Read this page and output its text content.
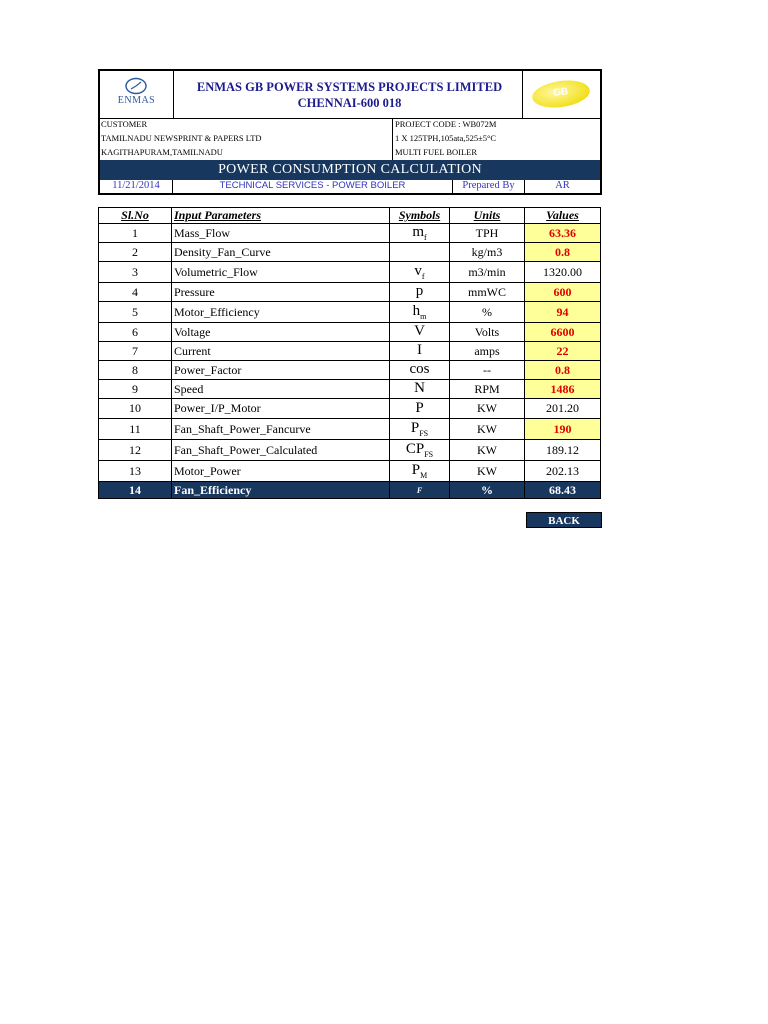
ENMAS
ENMAS GB POWER SYSTEMS PROJECTS LIMITED
CHENNAI-600 018
GB
CUSTOMER
TAMILNADU NEWSPRINT & PAPERS LTD
KAGITHAPURAM,TAMILNADU
PROJECT CODE : WB072M
1 X 125TPH,105ata,525±5°C
MULTI FUEL BOILER
POWER CONSUMPTION CALCULATION
11/21/2014	TECHNICAL SERVICES - POWER BOILER	Prepared By	AR
Sl.No	Input Parameters	Symbols	Units	Values
1	Mass_Flow	$m_f$	TPH	63.36
2	Density_Fan_Curve		kg/m3	0.8
3	Volumetric_Flow	$v_f$	m3/min	1320.00
4	Pressure	p	mmWC	600
5	Motor_Efficiency	$h_m$	%	94
6	Voltage	V	Volts	6600
7	Current	I	amps	22
8	Power_Factor	cos	--	0.8
9	Speed	N	RPM	1486
10	Power_I/P_Motor	P	KW	201.20
11	Fan_Shaft_Power_Fancurve	$P_{FS}$	KW	190
12	Fan_Shaft_Power_Calculated	$CP_{FS}$	KW	189.12
13	Motor_Power	$P_M$	KW	202.13
14	Fan_Efficiency	F	%	68.43
BACK
